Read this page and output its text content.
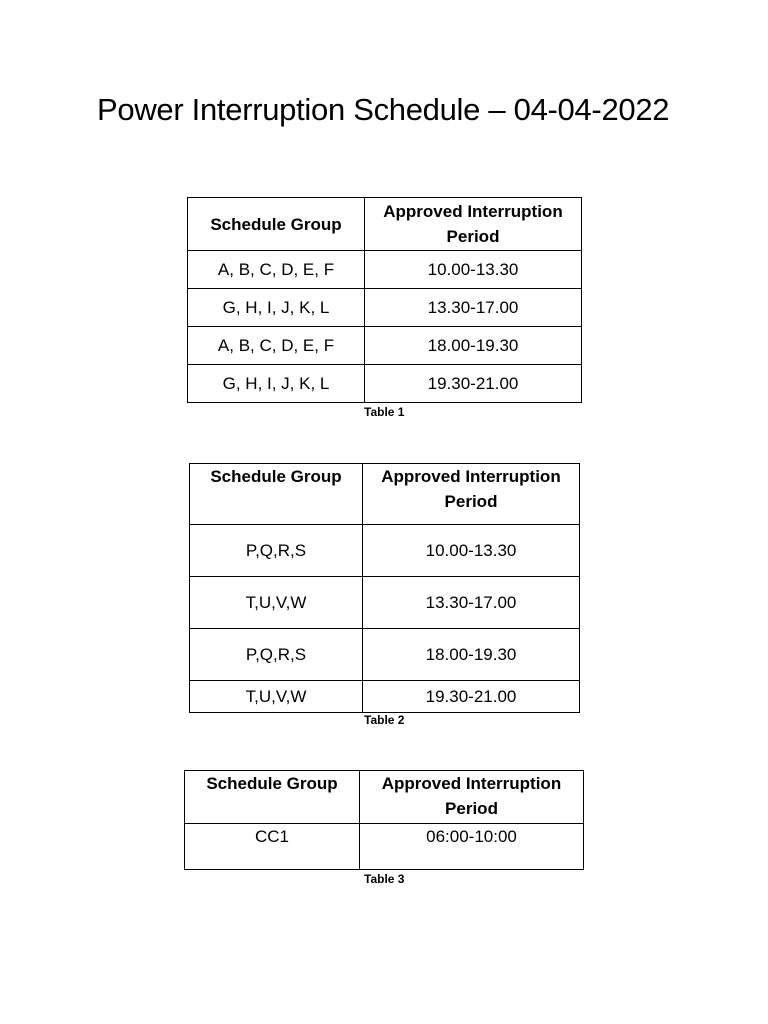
Power Interruption Schedule – 04-04-2022
Schedule Group	Approved Interruption Period
A, B, C, D, E, F	10.00-13.30
G, H, I, J, K, L	13.30-17.00
A, B, C, D, E, F	18.00-19.30
G, H, I, J, K, L	19.30-21.00
Table 1
Schedule Group	Approved Interruption Period
P,Q,R,S	10.00-13.30
T,U,V,W	13.30-17.00
P,Q,R,S	18.00-19.30
T,U,V,W	19.30-21.00
Table 2
Schedule Group	Approved Interruption Period
CC1	06:00-10:00
Table 3
